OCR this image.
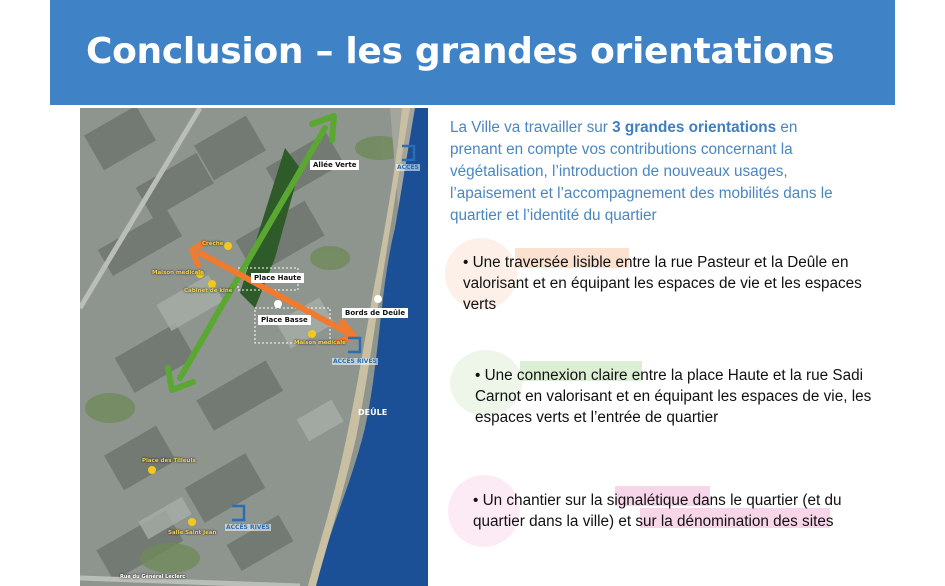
Conclusion – les grandes orientations
Allée Verte
Place Haute
Place Basse
Bords de Deûle
DEÛLE
Crèche
Maison médicale
Cabinet de kiné
Maison médicale
Place des Tilleuls
Salle Saint Jean
Rue du Général Leclerc
ACCÈS
ACCÈS RIVES
ACCÈS RIVES

La Ville va travailler sur 3 grandes orientations en prenant en compte vos contributions concernant la végétalisation, l’introduction de nouveaux usages, l’apaisement et l’accompagnement des mobilités dans le quartier et l’identité du quartier

• Une traversée lisible entre la rue Pasteur et la Deûle en valorisant et en équipant les espaces de vie et les espaces verts
• Une connexion claire entre la place Haute et la rue Sadi Carnot en valorisant et en équipant les espaces de vie, les espaces verts et l’entrée de quartier
• Un chantier sur la signalétique dans le quartier (et du quartier dans la ville) et sur la dénomination des sites
